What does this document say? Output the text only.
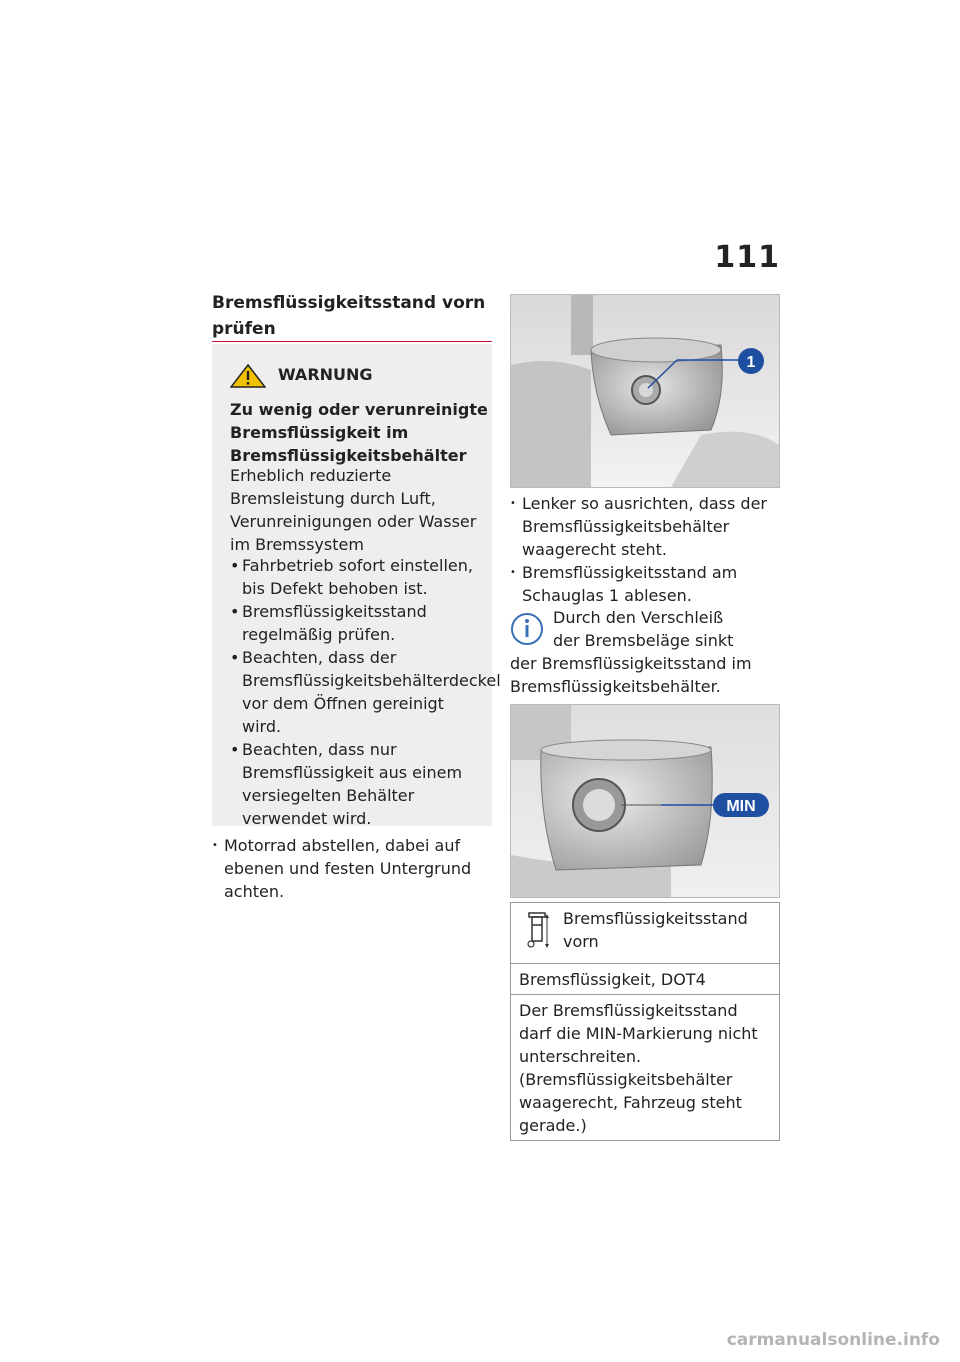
111
Bremsflüssigkeitsstand vorn prüfen
WARNUNG
Zu wenig oder verunreinigte Bremsflüssigkeit im Bremsflüssigkeitsbehälter
Erheblich reduzierte Bremsleistung durch Luft, Verunreinigungen oder Wasser im Bremssystem
• Fahrbetrieb sofort einstellen, bis Defekt behoben ist.
• Bremsflüssigkeitsstand regelmäßig prüfen.
• Beachten, dass der Bremsflüssigkeitsbehälterdeckel vor dem Öffnen gereinigt wird.
• Beachten, dass nur Bremsflüssigkeit aus einem versiegelten Behälter verwendet wird.
• Motorrad abstellen, dabei auf ebenen und festen Untergrund achten.
1
• Lenker so ausrichten, dass der Bremsflüssigkeitsbehälter waagerecht steht.
• Bremsflüssigkeitsstand am Schauglas 1 ablesen.
Durch den Verschleiß
der Bremsbeläge sinkt
der Bremsflüssigkeitsstand im Bremsflüssigkeitsbehälter.
MIN
Bremsflüssigkeitsstand vorn
Bremsflüssigkeit, DOT4
Der Bremsflüssigkeitsstand darf die MIN-Markierung nicht unterschreiten. (Bremsflüssigkeitsbehälter waagerecht, Fahrzeug steht gerade.)
carmanualsonline.info
